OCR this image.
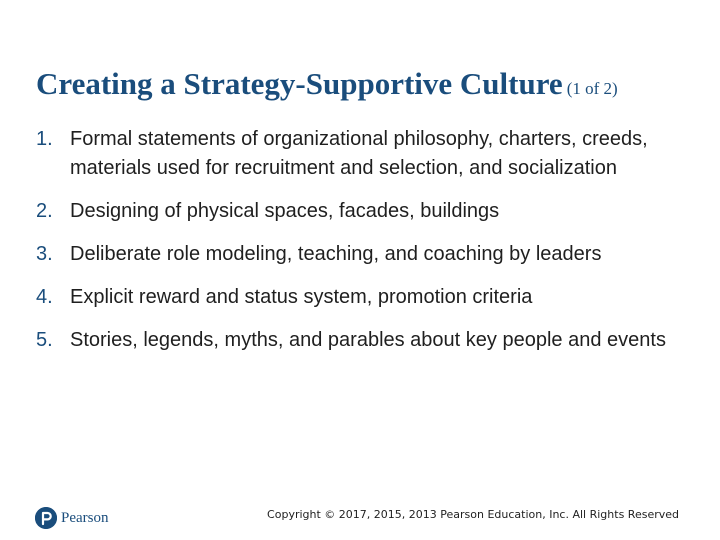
Creating a Strategy-Supportive Culture (1 of 2)
1. Formal statements of organizational philosophy, charters, creeds, materials used for recruitment and selection, and socialization
2. Designing of physical spaces, facades, buildings
3. Deliberate role modeling, teaching, and coaching by leaders
4. Explicit reward and status system, promotion criteria
5. Stories, legends, myths, and parables about key people and events
Pearson	Copyright © 2017, 2015, 2013 Pearson Education, Inc. All Rights Reserved
